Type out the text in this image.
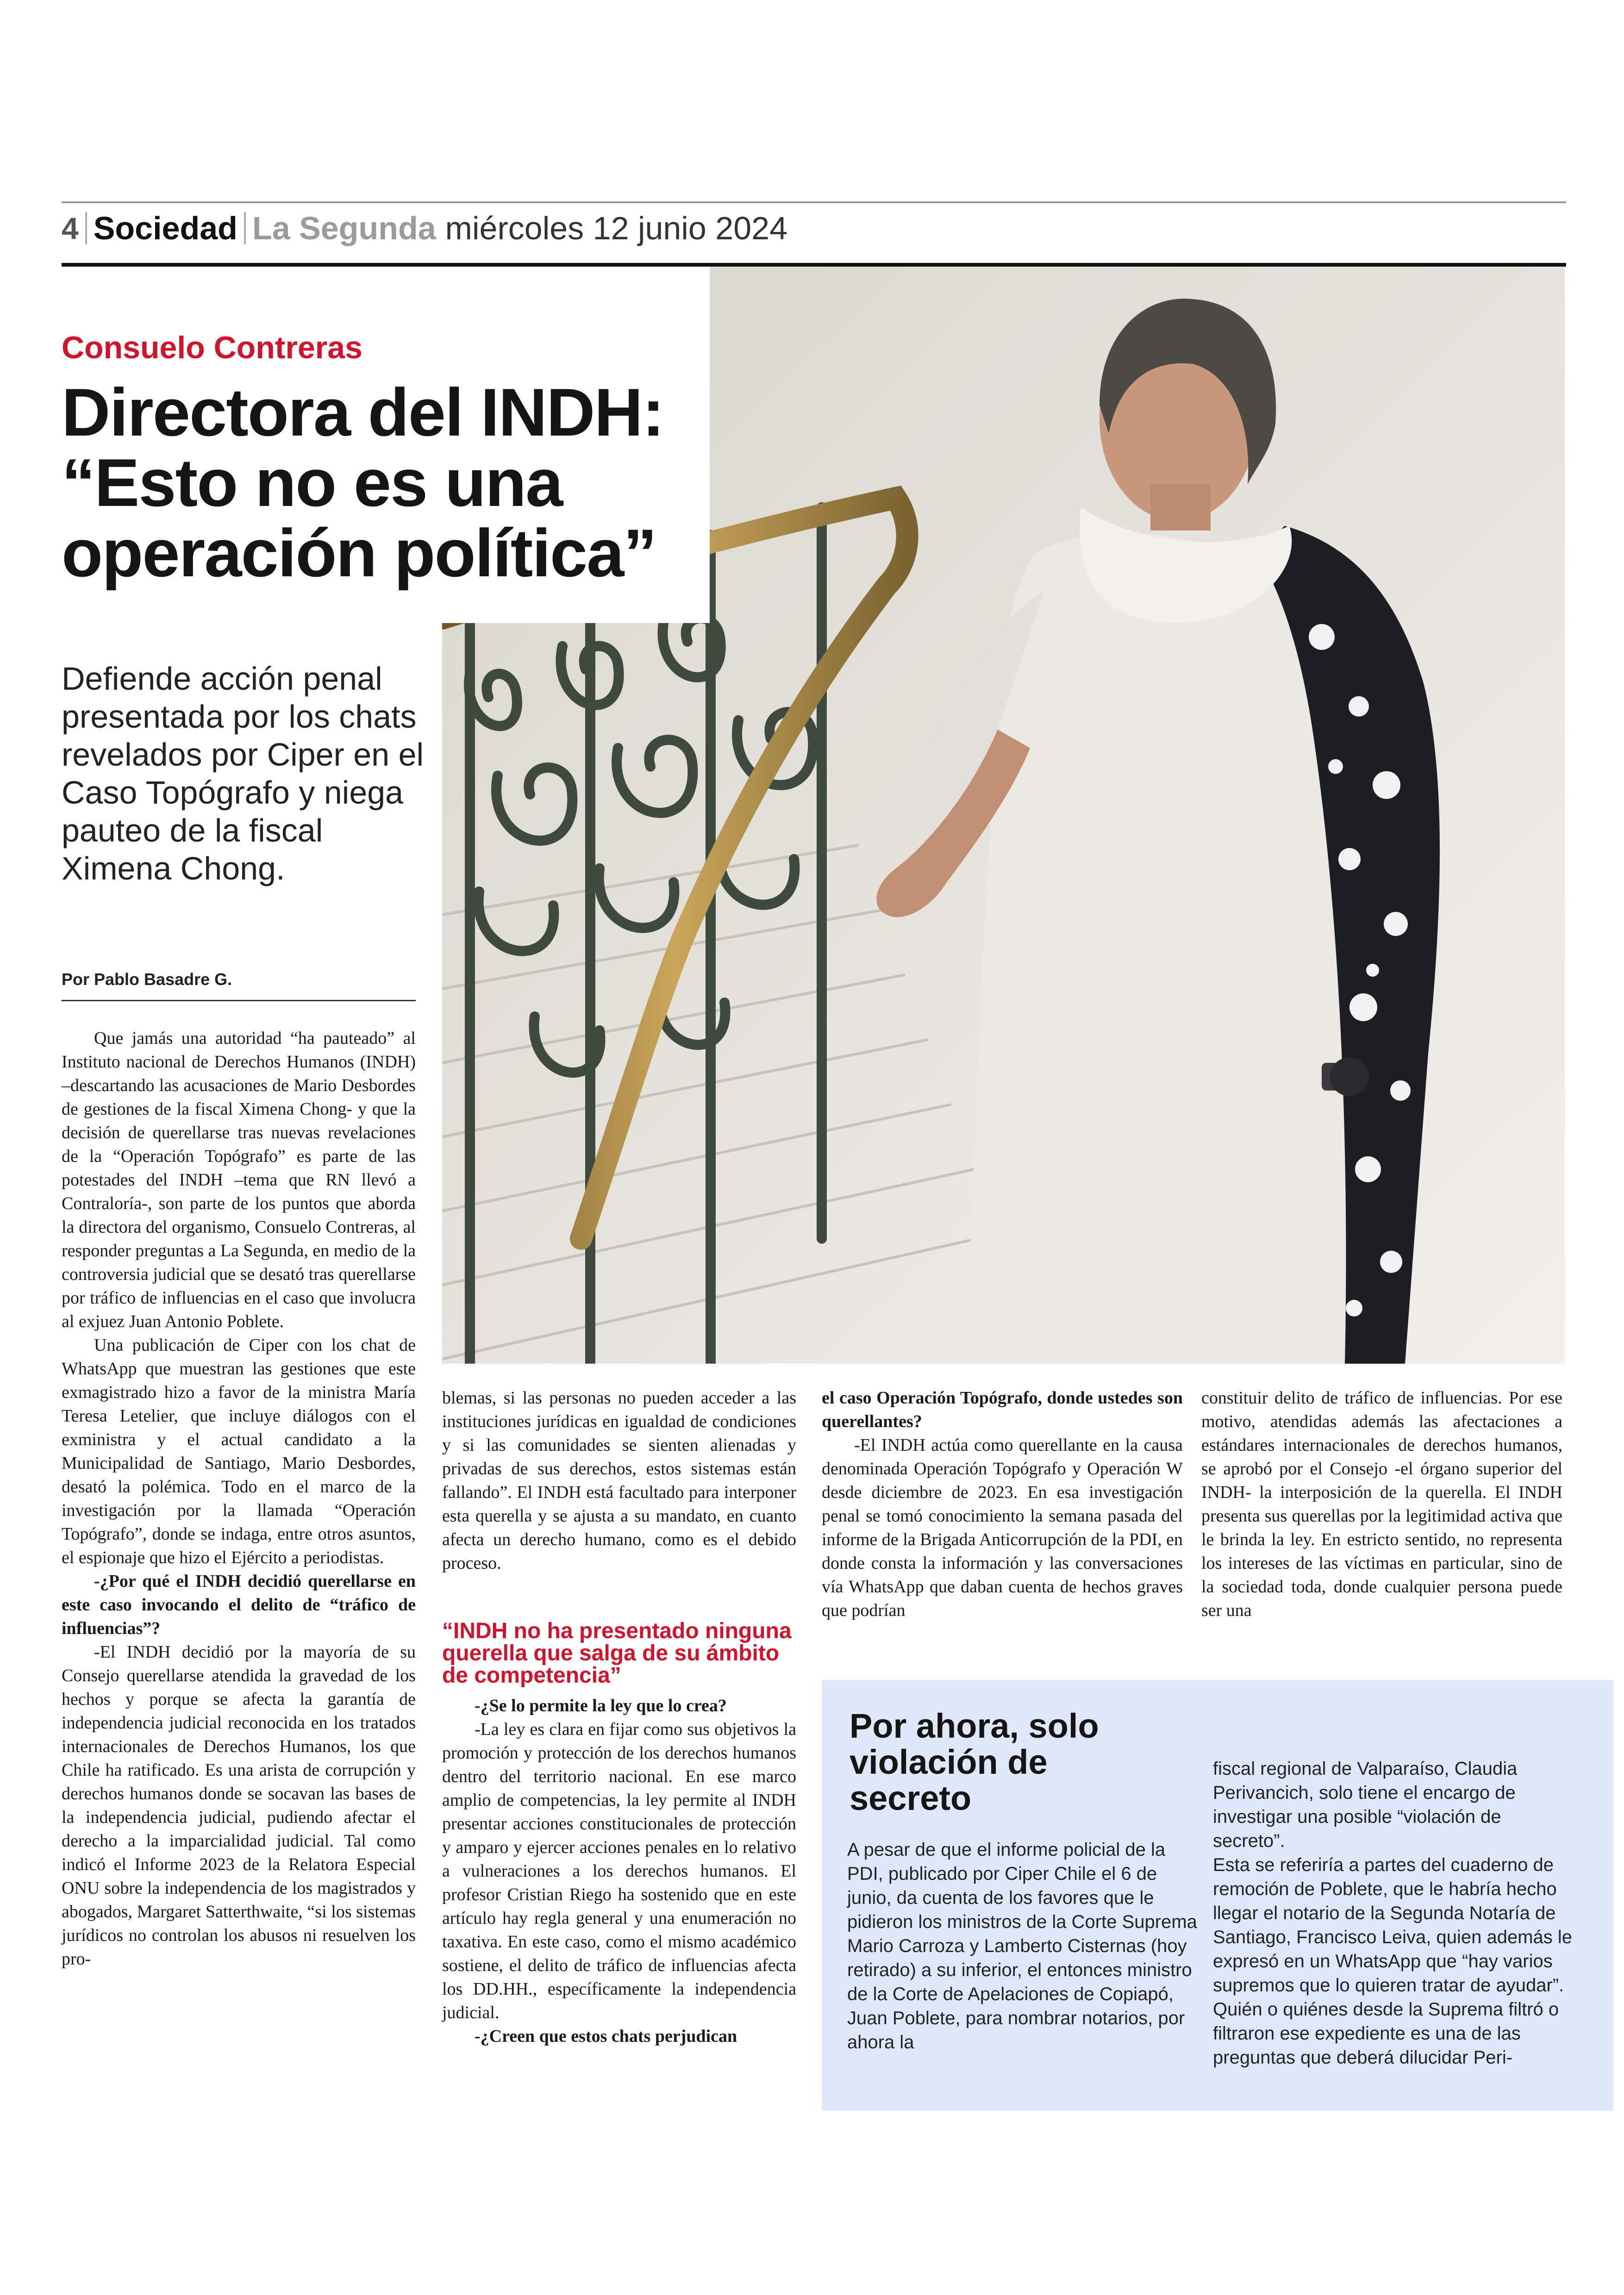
4 Sociedad La Segunda miércoles 12 junio 2024
Consuelo Contreras
Directora del INDH:
“Esto no es una
operación política”
Defiende acción penal presentada por los chats revelados por Ciper en el Caso Topógrafo y niega pauteo de la fiscal Ximena Chong.
Por Pablo Basadre G.

Que jamás una autoridad “ha pauteado” al Instituto nacional de Derechos Humanos (INDH) –descartando las acusaciones de Mario Desbordes de gestiones de la fiscal Ximena Chong- y que la decisión de querellarse tras nuevas revelaciones de la “Operación Topógrafo” es parte de las potestades del INDH –tema que RN llevó a Contraloría-, son parte de los puntos que aborda la directora del organismo, Consuelo Contreras, al responder preguntas a La Segunda, en medio de la controversia judicial que se desató tras querellarse por tráfico de influencias en el caso que involucra al exjuez Juan Antonio Poblete.

Una publicación de Ciper con los chat de WhatsApp que muestran las gestiones que este exmagistrado hizo a favor de la ministra María Teresa Letelier, que incluye diálogos con el exministra y el actual candidato a la Municipalidad de Santiago, Mario Desbordes, desató la polémica. Todo en el marco de la investigación por la llamada “Operación Topógrafo”, donde se indaga, entre otros asuntos, el espionaje que hizo el Ejército a periodistas.

-¿Por qué el INDH decidió querellarse en este caso invocando el delito de “tráfico de influencias”?

-El INDH decidió por la mayoría de su Consejo querellarse atendida la gravedad de los hechos y porque se afecta la garantía de independencia judicial reconocida en los tratados internacionales de Derechos Humanos, los que Chile ha ratificado. Es una arista de corrupción y derechos humanos donde se socavan las bases de la independencia judicial, pudiendo afectar el derecho a la imparcialidad judicial. Tal como indicó el Informe 2023 de la Relatora Especial ONU sobre la independencia de los magistrados y abogados, Margaret Satterthwaite, “si los sistemas jurídicos no controlan los abusos ni resuelven los pro-

blemas, si las personas no pueden acceder a las instituciones jurídicas en igualdad de condiciones y si las comunidades se sienten alienadas y privadas de sus derechos, estos sistemas están fallando”. El INDH está facultado para interponer esta querella y se ajusta a su mandato, en cuanto afecta un derecho humano, como es el debido proceso.

“INDH no ha presentado ninguna querella que salga de su ámbito de competencia”

-¿Se lo permite la ley que lo crea?

-La ley es clara en fijar como sus objetivos la promoción y protección de los derechos humanos dentro del territorio nacional. En ese marco amplio de competencias, la ley permite al INDH presentar acciones constitucionales de protección y amparo y ejercer acciones penales en lo relativo a vulneraciones a los derechos humanos. El profesor Cristian Riego ha sostenido que en este artículo hay regla general y una enumeración no taxativa. En este caso, como el mismo académico sostiene, el delito de tráfico de influencias afecta los DD.HH., específicamente la independencia judicial.

-¿Creen que estos chats perjudican

el caso Operación Topógrafo, donde ustedes son querellantes?

-El INDH actúa como querellante en la causa denominada Operación Topógrafo y Operación W desde diciembre de 2023. En esa investigación penal se tomó conocimiento la semana pasada del informe de la Brigada Anticorrupción de la PDI, en donde consta la información y las conversaciones vía WhatsApp que daban cuenta de hechos graves que podrían

constituir delito de tráfico de influencias. Por ese motivo, atendidas además las afectaciones a estándares internacionales de derechos humanos, se aprobó por el Consejo -el órgano superior del INDH- la interposición de la querella. El INDH presenta sus querellas por la legitimidad activa que le brinda la ley. En estricto sentido, no representa los intereses de las víctimas en particular, sino de la sociedad toda, donde cualquier persona puede ser una

Por ahora, solo violación de secreto
A pesar de que el informe policial de la PDI, publicado por Ciper Chile el 6 de junio, da cuenta de los favores que le pidieron los ministros de la Corte Suprema Mario Carroza y Lamberto Cisternas (hoy retirado) a su inferior, el entonces ministro de la Corte de Apelaciones de Copiapó, Juan Poblete, para nombrar notarios, por ahora la

fiscal regional de Valparaíso, Claudia Perivancich, solo tiene el encargo de investigar una posible “violación de secreto”.

Esta se referiría a partes del cuaderno de remoción de Poblete, que le habría hecho llegar el notario de la Segunda Notaría de Santiago, Francisco Leiva, quien además le expresó en un WhatsApp que “hay varios supremos que lo quieren tratar de ayudar”. Quién o quiénes desde la Suprema filtró o filtraron ese expediente es una de las preguntas que deberá dilucidar Peri-
